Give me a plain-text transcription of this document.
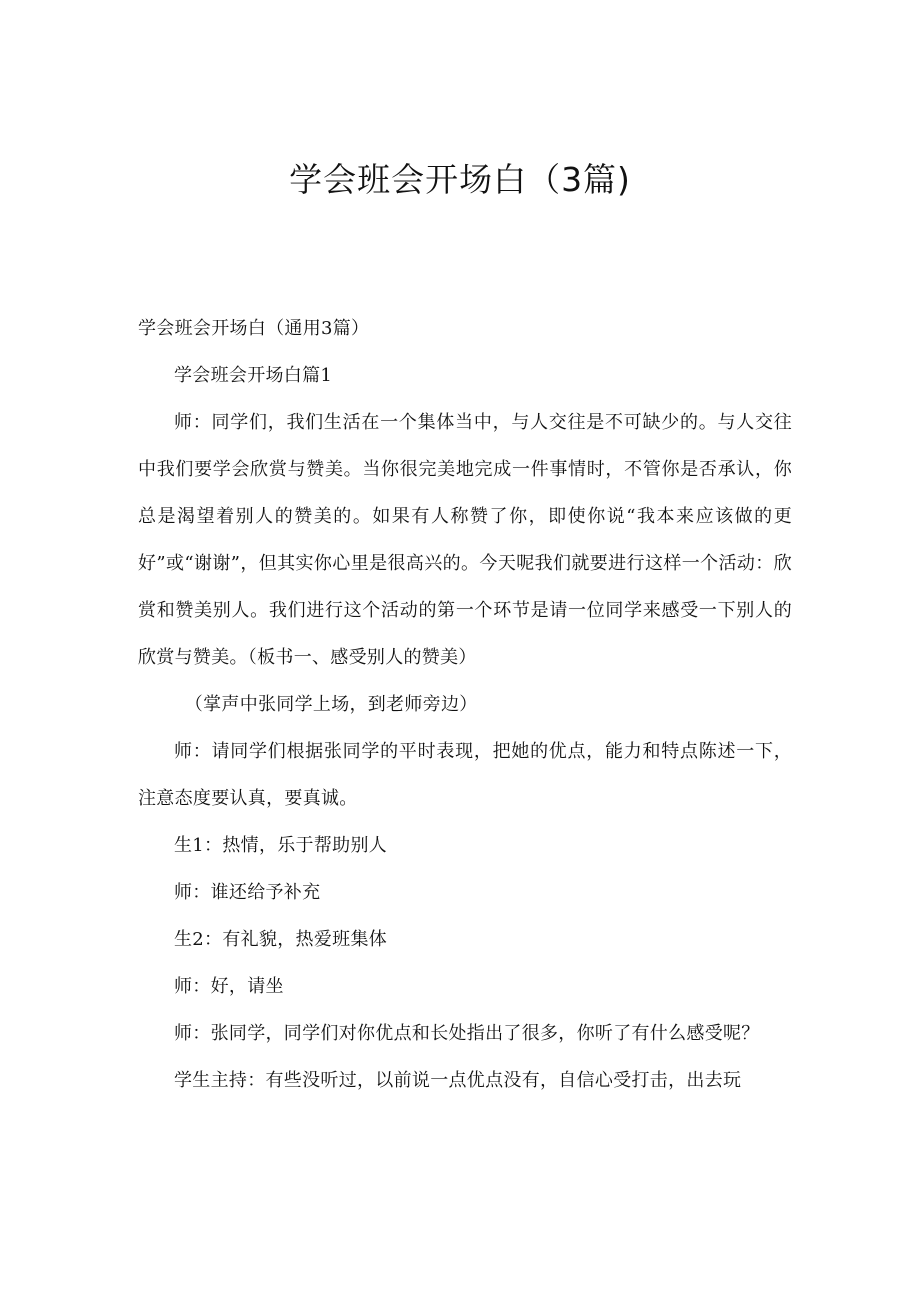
学会班会开场白（3篇)

学会班会开场白（通用3篇）

学会班会开场白篇1

师：同学们，我们生活在一个集体当中，与人交往是不可缺少的。与人交往中我们要学会欣赏与赞美。当你很完美地完成一件事情时，不管你是否承认，你总是渴望着别人的赞美的。如果有人称赞了你，即使你说“我本来应该做的更好”或“谢谢”，但其实你心里是很高兴的。今天呢我们就要进行这样一个活动：欣赏和赞美别人。我们进行这个活动的第一个环节是请一位同学来感受一下别人的欣赏与赞美。（板书一、感受别人的赞美）

（掌声中张同学上场，到老师旁边）

师：请同学们根据张同学的平时表现，把她的优点，能力和特点陈述一下，注意态度要认真，要真诚。

生1：热情，乐于帮助别人

师：谁还给予补充

生2：有礼貌，热爱班集体

师：好，请坐

师：张同学，同学们对你优点和长处指出了很多，你听了有什么感受呢？

学生主持：有些没听过，以前说一点优点没有，自信心受打击，出去玩
